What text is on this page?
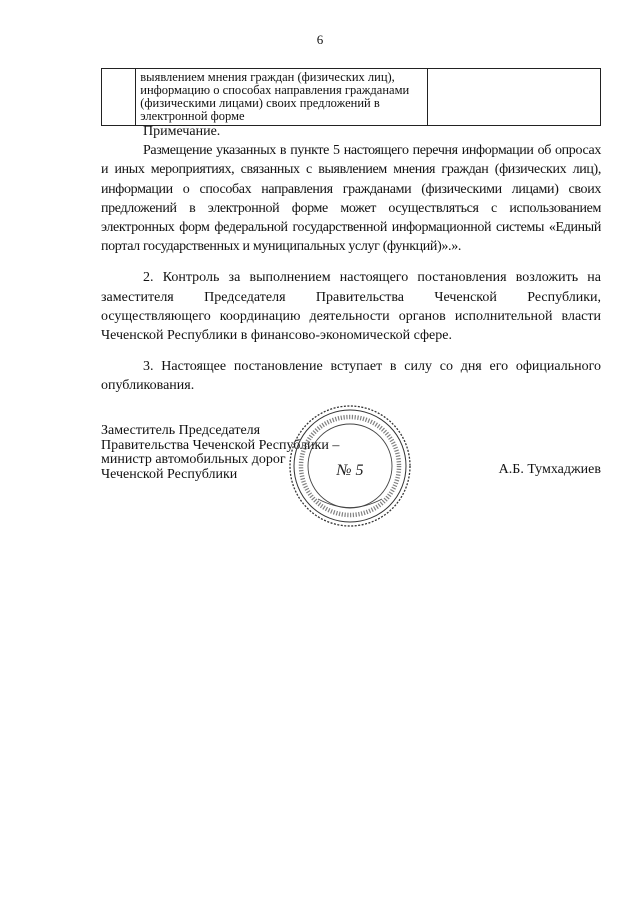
6
	выявлением мнения граждан (физических лиц),
информацию о способах направления гражданами
(физическими лицами) своих предложений в
электронной форме	

Примечание.

Размещение указанных в пункте 5 настоящего перечня информации об опросах и иных мероприятиях, связанных с выявлением мнения граждан (физических лиц), информации о способах направления гражданами (физическими лицами) своих предложений в электронной форме может осуществляться с использованием электронных форм федеральной государственной информационной системы «Единый портал государственных и муниципальных услуг (функций)».».

2. Контроль за выполнением настоящего постановления возложить на заместителя Председателя Правительства Чеченской Республики, осуществляющего координацию деятельности органов исполнительной власти Чеченской Республики в финансово-экономической сфере.

3. Настоящее постановление вступает в силу со дня его официального опубликования.

Заместитель Председателя
Правительства Чеченской Республики –
министр автомобильных дорог
Чеченской Республики	А.Б. Тумхаджиев
№ 5
